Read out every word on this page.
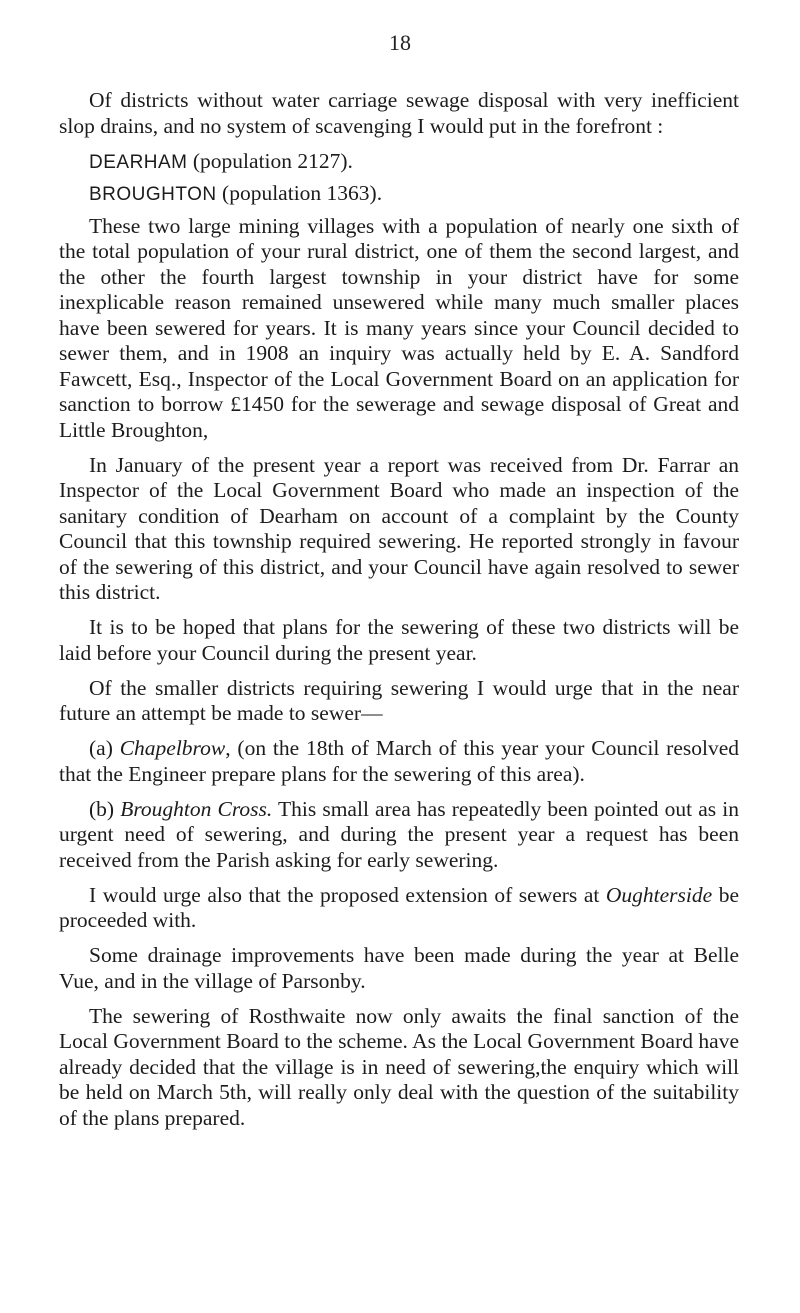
18

Of districts without water carriage sewage disposal with very inefficient slop drains, and no system of scavenging I would put in the forefront :

DEARHAM (population 2127).

BROUGHTON (population 1363).

These two large mining villages with a population of nearly one sixth of the total population of your rural district, one of them the second largest, and the other the fourth largest township in your district have for some inexplicable reason remained unsewered while many much smaller places have been sewered for years. It is many years since your Council decided to sewer them, and in 1908 an inquiry was actually held by E. A. Sandford Fawcett, Esq., Inspector of the Local Government Board on an application for sanction to borrow £1450 for the sewerage and sewage disposal of Great and Little Broughton,

In January of the present year a report was received from Dr. Farrar an Inspector of the Local Government Board who made an inspection of the sanitary condition of Dearham on account of a complaint by the County Council that this township required sewering. He reported strongly in favour of the sewering of this district, and your Council have again resolved to sewer this district.

It is to be hoped that plans for the sewering of these two districts will be laid before your Council during the present year.

Of the smaller districts requiring sewering I would urge that in the near future an attempt be made to sewer—

(a) Chapelbrow, (on the 18th of March of this year your Council resolved that the Engineer prepare plans for the sewering of this area).

(b) Broughton Cross. This small area has repeatedly been pointed out as in urgent need of sewering, and during the present year a request has been received from the Parish asking for early sewering.

I would urge also that the proposed extension of sewers at Oughterside be proceeded with.

Some drainage improvements have been made during the year at Belle Vue, and in the village of Parsonby.

The sewering of Rosthwaite now only awaits the final sanction of the Local Government Board to the scheme. As the Local Government Board have already decided that the village is in need of sewering,the enquiry which will be held on March 5th, will really only deal with the question of the suitability of the plans prepared.
